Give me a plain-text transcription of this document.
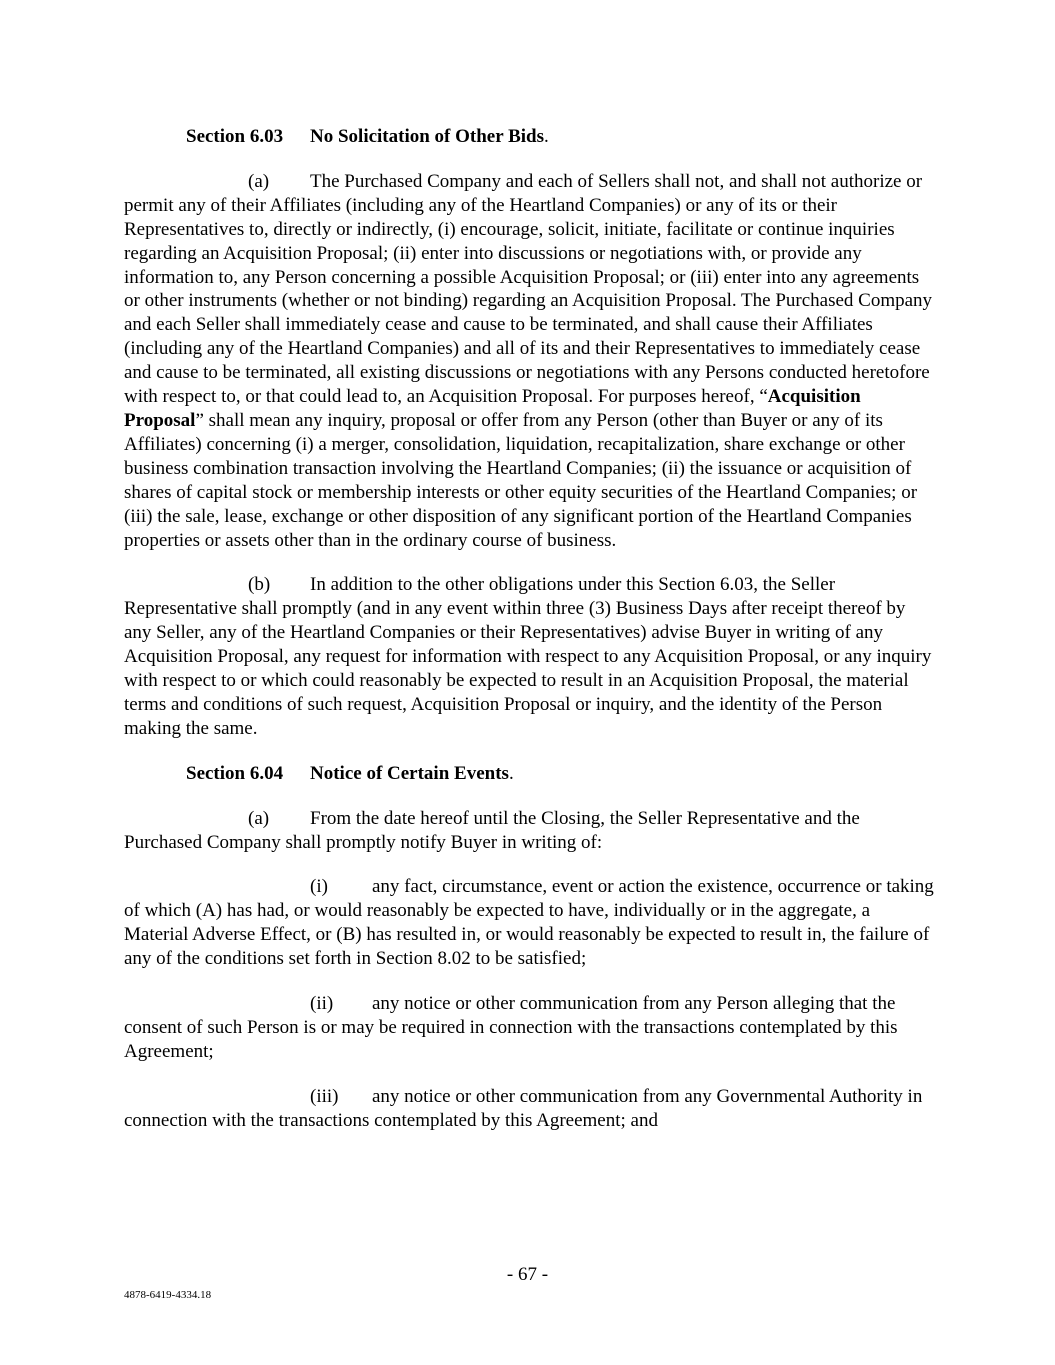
Section 6.03 No Solicitation of Other Bids.

(a) The Purchased Company and each of Sellers shall not, and shall not authorize or permit any of their Affiliates (including any of the Heartland Companies) or any of its or their Representatives to, directly or indirectly, (i) encourage, solicit, initiate, facilitate or continue inquiries regarding an Acquisition Proposal; (ii) enter into discussions or negotiations with, or provide any information to, any Person concerning a possible Acquisition Proposal; or (iii) enter into any agreements or other instruments (whether or not binding) regarding an Acquisition Proposal. The Purchased Company and each Seller shall immediately cease and cause to be terminated, and shall cause their Affiliates (including any of the Heartland Companies) and all of its and their Representatives to immediately cease and cause to be terminated, all existing discussions or negotiations with any Persons conducted heretofore with respect to, or that could lead to, an Acquisition Proposal. For purposes hereof, “Acquisition Proposal” shall mean any inquiry, proposal or offer from any Person (other than Buyer or any of its Affiliates) concerning (i) a merger, consolidation, liquidation, recapitalization, share exchange or other business combination transaction involving the Heartland Companies; (ii) the issuance or acquisition of shares of capital stock or membership interests or other equity securities of the Heartland Companies; or (iii) the sale, lease, exchange or other disposition of any significant portion of the Heartland Companies properties or assets other than in the ordinary course of business.

(b) In addition to the other obligations under this Section 6.03, the Seller Representative shall promptly (and in any event within three (3) Business Days after receipt thereof by any Seller, any of the Heartland Companies or their Representatives) advise Buyer in writing of any Acquisition Proposal, any request for information with respect to any Acquisition Proposal, or any inquiry with respect to or which could reasonably be expected to result in an Acquisition Proposal, the material terms and conditions of such request, Acquisition Proposal or inquiry, and the identity of the Person making the same.

Section 6.04 Notice of Certain Events.

(a) From the date hereof until the Closing, the Seller Representative and the Purchased Company shall promptly notify Buyer in writing of:

(i) any fact, circumstance, event or action the existence, occurrence or taking of which (A) has had, or would reasonably be expected to have, individually or in the aggregate, a Material Adverse Effect, or (B) has resulted in, or would reasonably be expected to result in, the failure of any of the conditions set forth in Section 8.02 to be satisfied;

(ii) any notice or other communication from any Person alleging that the consent of such Person is or may be required in connection with the transactions contemplated by this Agreement;

(iii) any notice or other communication from any Governmental Authority in connection with the transactions contemplated by this Agreement; and

- 67 -
4878-6419-4334.18
